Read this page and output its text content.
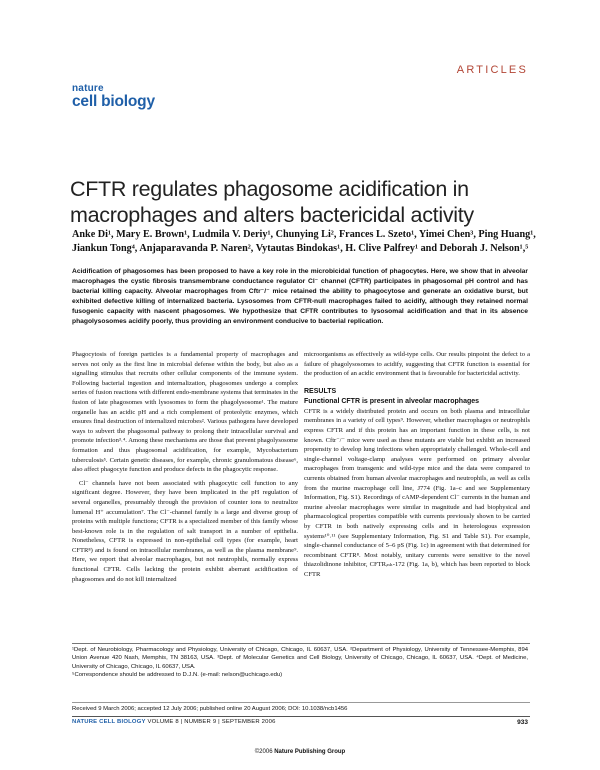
ARTICLES
nature
cell biology
CFTR regulates phagosome acidification in macrophages and alters bactericidal activity
Anke Di¹, Mary E. Brown¹, Ludmila V. Deriy¹, Chunying Li², Frances L. Szeto¹, Yimei Chen³, Ping Huang¹,
Jiankun Tong⁴, Anjaparavanda P. Naren², Vytautas Bindokas¹, H. Clive Palfrey¹ and Deborah J. Nelson¹,⁵
Acidification of phagosomes has been proposed to have a key role in the microbicidal function of phagocytes. Here, we show that in alveolar macrophages the cystic fibrosis transmembrane conductance regulator Cl⁻ channel (CFTR) participates in phagosomal pH control and has bacterial killing capacity. Alveolar macrophages from Cftr⁻/⁻ mice retained the ability to phagocytose and generate an oxidative burst, but exhibited defective killing of internalized bacteria. Lysosomes from CFTR-null macrophages failed to acidify, although they retained normal fusogenic capacity with nascent phagosomes. We hypothesize that CFTR contributes to lysosomal acidification and that in its absence phagolysosomes acidify poorly, thus providing an environment conducive to bacterial replication.

Phagocytosis of foreign particles is a fundamental property of macrophages and serves not only as the first line in microbial defense within the body, but also as a signalling stimulus that recruits other cellular components of the immune system. Following bacterial ingestion and internalization, phagosomes undergo a complex series of fusion reactions with different endo-membrane systems that terminates in the fusion of late phagosomes with lysosomes to form the phagolysosome¹. The mature organelle has an acidic pH and a rich complement of proteolytic enzymes, which ensures final destruction of internalized microbes². Various pathogens have developed ways to subvert the phagosomal pathway to prolong their intracellular survival and promote infection³˒⁴. Among these mechanisms are those that prevent phagolysosome formation and thus phagosomal acidification, for example, Mycobacterium tuberculosis⁵. Certain genetic diseases, for example, chronic granulomatous disease⁶, also affect phagocyte function and produce defects in the phagocytic response.

Cl⁻ channels have not been associated with phagocytic cell function to any significant degree. However, they have been implicated in the pH regulation of several organelles, presumably through the provision of counter ions to neutralize lumenal H⁺ accumulation⁷. The Cl⁻-channel family is a large and diverse group of proteins with multiple functions; CFTR is a specialized member of this family whose best-known role is in the regulation of salt transport in a number of epithelia. Nonetheless, CFTR is expressed in non-epithelial cell types (for example, heart CFTR⁸) and is found on intracellular membranes, as well as the plasma membrane⁹. Here, we report that alveolar macrophages, but not neutrophils, normally express functional CFTR. Cells lacking the protein exhibit aberrant acidification of phagosomes and do not kill internalized

microorganisms as effectively as wild-type cells. Our results pinpoint the defect to a failure of phagolysosomes to acidify, suggesting that CFTR function is essential for the production of an acidic environment that is favourable for bactericidal activity.

RESULTS
Functional CFTR is present in alveolar macrophages

CFTR is a widely distributed protein and occurs on both plasma and intracellular membranes in a variety of cell types⁹. However, whether macrophages or neutrophils express CFTR and if this protein has an important function in these cells, is not known. Cftr⁻/⁻ mice were used as these mutants are viable but exhibit an increased propensity to develop lung infections when appropriately challenged. Whole-cell and single-channel voltage-clamp analyses were performed on primary alveolar macrophages from transgenic and wild-type mice and the data were compared to currents obtained from human alveolar macrophages and neutrophils, as well as cells from the murine macrophage cell line, J774 (Fig. 1a–c and see Supplementary Information, Fig. S1). Recordings of cAMP-dependent Cl⁻ currents in the human and murine alveolar macrophages were similar in magnitude and had biophysical and pharmacological properties compatible with currents previously shown to be carried by CFTR in both natively expressing cells and in heterologous expression systems¹⁰˒¹¹ (see Supplementary Information, Fig. S1 and Table S1). For example, single-channel conductance of 5–6 pS (Fig. 1c) in agreement with that determined for recombinant CFTR⁸. Most notably, unitary currents were sensitive to the novel thiazolidinone inhibitor, CFTRᵢₙₕ-172 (Fig. 1a, b), which has been reported to block CFTR

¹Dept. of Neurobiology, Pharmacology and Physiology, University of Chicago, Chicago, IL 60637, USA. ²Department of Physiology, University of Tennessee-Memphis, 894 Union Avenue 420 Nash, Memphis, TN 38163, USA. ³Dept. of Molecular Genetics and Cell Biology, University of Chicago, Chicago, IL 60637, USA. ⁴Dept. of Medicine, University of Chicago, Chicago, IL 60637, USA.
⁵Correspondence should be addressed to D.J.N. (e-mail: nelson@uchicago.edu)
Received 9 March 2006; accepted 12 July 2006; published online 20 August 2006; DOI: 10.1038/ncb1456
NATURE CELL BIOLOGY VOLUME 8 | NUMBER 9 | SEPTEMBER 2006	933
©2006 Nature Publishing Group
